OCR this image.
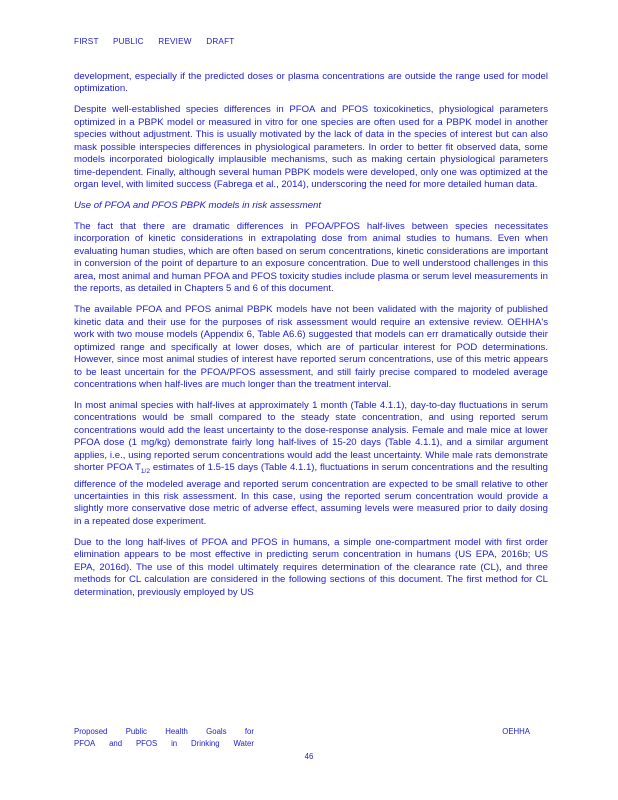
FIRST PUBLIC REVIEW DRAFT

development, especially if the predicted doses or plasma concentrations are outside the range used for model optimization.

Despite well-established species differences in PFOA and PFOS toxicokinetics, physiological parameters optimized in a PBPK model or measured in vitro for one species are often used for a PBPK model in another species without adjustment. This is usually motivated by the lack of data in the species of interest but can also mask possible interspecies differences in physiological parameters. In order to better fit observed data, some models incorporated biologically implausible mechanisms, such as making certain physiological parameters time-dependent. Finally, although several human PBPK models were developed, only one was optimized at the organ level, with limited success (Fabrega et al., 2014), underscoring the need for more detailed human data.

Use of PFOA and PFOS PBPK models in risk assessment

The fact that there are dramatic differences in PFOA/PFOS half-lives between species necessitates incorporation of kinetic considerations in extrapolating dose from animal studies to humans. Even when evaluating human studies, which are often based on serum concentrations, kinetic considerations are important in conversion of the point of departure to an exposure concentration. Due to well understood challenges in this area, most animal and human PFOA and PFOS toxicity studies include plasma or serum level measurements in the reports, as detailed in Chapters 5 and 6 of this document.

The available PFOA and PFOS animal PBPK models have not been validated with the majority of published kinetic data and their use for the purposes of risk assessment would require an extensive review. OEHHA's work with two mouse models (Appendix 6, Table A6.6) suggested that models can err dramatically outside their optimized range and specifically at lower doses, which are of particular interest for POD determinations. However, since most animal studies of interest have reported serum concentrations, use of this metric appears to be least uncertain for the PFOA/PFOS assessment, and still fairly precise compared to modeled average concentrations when half-lives are much longer than the treatment interval.

In most animal species with half-lives at approximately 1 month (Table 4.1.1), day-to-day fluctuations in serum concentrations would be small compared to the steady state concentration, and using reported serum concentrations would add the least uncertainty to the dose-response analysis. Female and male mice at lower PFOA dose (1 mg/kg) demonstrate fairly long half-lives of 15-20 days (Table 4.1.1), and a similar argument applies, i.e., using reported serum concentrations would add the least uncertainty. While male rats demonstrate shorter PFOA $T_{1/2}$ estimates of 1.5-15 days (Table 4.1.1), fluctuations in serum concentrations and the resulting difference of the modeled average and reported serum concentration are expected to be small relative to other uncertainties in this risk assessment. In this case, using the reported serum concentration would provide a slightly more conservative dose metric of adverse effect, assuming levels were measured prior to daily dosing in a repeated dose experiment.

Due to the long half-lives of PFOA and PFOS in humans, a simple one-compartment model with first order elimination appears to be most effective in predicting serum concentration in humans (US EPA, 2016b; US EPA, 2016d). The use of this model ultimately requires determination of the clearance rate (CL), and three methods for CL calculation are considered in the following sections of this document. The first method for CL determination, previously employed by US

Proposed Public Health Goals for
PFOA and PFOS in Drinking Water
OEHHA
46
